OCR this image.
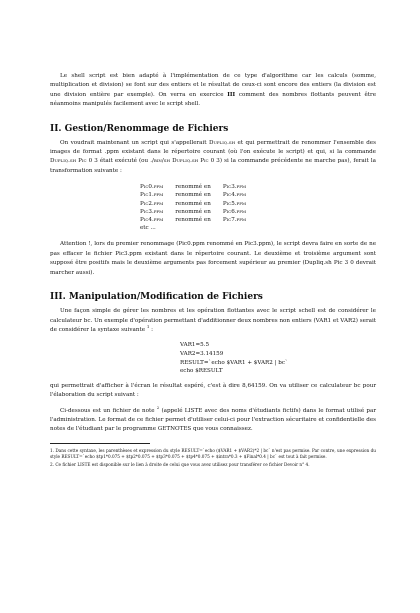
Le shell script est bien adapté à l'implémentation de ce type d'algorithme car les calculs (somme, multiplication et division) se font sur des entiers et le résultat de ceux-ci sont encore des entiers (la division est une division entière par exemple). On verra en exercice III comment des nombres flottants peuvent être néanmoins manipulés facilement avec le script shell.

II. Gestion/Renommage de Fichiers

On voudrait maintenant un script qui s'appellerait Dupliq.sh et qui permettrait de renommer l'ensemble des images de format .ppm existant dans le répertoire courant (où l'on exécute le script) et qui, si la commande Dupliq.sh Pic 0 3 était exécuté (ou ./bin/sh Dupliq.sh Pic 0 3) si la commande précédente ne marche pas), ferait la transformation suivante :

Pic0.ppm	renommé en	Pic3.ppm
Pic1.ppm	renommé en	Pic4.ppm
Pic2.ppm	renommé en	Pic5.ppm
Pic3.ppm	renommé en	Pic6.ppm
Pic4.ppm	renommé en	Pic7.ppm
etc ...

Attention !, lors du premier renommage (Pic0.ppm renommé en Pic3.ppm), le script devra faire en sorte de ne pas effacer le fichier Pic3.ppm existant dans le répertoire courant. Le deuxième et troisième argument sont supposé être positifs mais le deuxième arguments pas forcement supérieur au premier (Dupliq.sh Pic 3 0 devrait marcher aussi).

III. Manipulation/Modification de Fichiers

Une façon simple de gérer les nombres et les opération flottantes avec le script schell est de considérer le calculateur bc. Un exemple d'opération permettant d'additionner deux nombres non entiers (VAR1 et VAR2) serait de considérer la syntaxe suivante $^1$ :

VAR1=5.5
VAR2=3.14159
RESULT=`echo $VAR1 + $VAR2 | bc`
echo $RESULT

qui permettrait d'afficher à l'écran le résultat espéré, c'est à dire 8,64159. On va utiliser ce calculateur bc pour l'élaboration du script suivant :

Ci-dessous est un fichier de note $^2$ (appelé LISTE avec des noms d'étudiants fictifs) dans le format utilisé par l'administration. Le format de ce fichier permet d'utiliser celui-ci pour l'extraction sécuritaire et confidentielle des notes de l'étudiant par le programme GETNOTES que vous connaissez.

1. Dans cette syntaxe, les parenthèses et expression du style RESULT=`echo ($VAR1 + $VAR2)*2 | bc` n'est pas permise. Par contre, une expression du style RESULT=`echo $tp1*0.075 + $tp2*0.075 + $tp3*0.075 + $tp4*0.075 + $intra*0.3 + $Final*0.4 | bc` est tout à fait permise.
2. Ce fichier LISTE est disponible sur le lien à droite de celui que vous avez utilisez pour transférer ce fichier Devoir n° 4.
